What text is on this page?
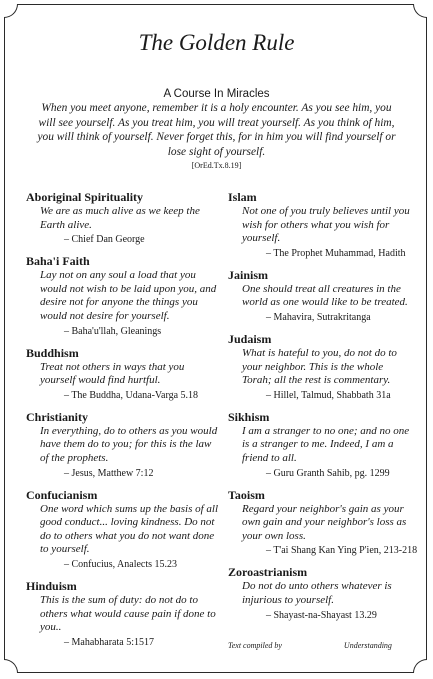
The Golden Rule
A Course In Miracles
When you meet anyone, remember it is a holy encounter. As you see him, you will see yourself. As you treat him, you will treat yourself. As you think of him, you will think of yourself. Never forget this, for in him you will find yourself or lose sight of yourself.
[OrEd.Tx.8.19]
Aboriginal Spirituality
We are as much alive as we keep the Earth alive.
– Chief Dan George
Baha'i Faith
Lay not on any soul a load that you would not wish to be laid upon you, and desire not for anyone the things you would not desire for yourself.
– Baha'u'llah, Gleanings
Buddhism
Treat not others in ways that you yourself would find hurtful.
– The Buddha, Udana-Varga 5.18
Christianity
In everything, do to others as you would have them do to you; for this is the law of the prophets.
– Jesus, Matthew 7:12
Confucianism
One word which sums up the basis of all good conduct... loving kindness. Do not do to others what you do not want done to yourself.
– Confucius, Analects 15.23
Hinduism
This is the sum of duty: do not do to others what would cause pain if done to you..
– Mahabharata 5:1517
Islam
Not one of you truly believes until you wish for others what you wish for yourself.
– The Prophet Muhammad, Hadith
Jainism
One should treat all creatures in the world as one would like to be treated.
– Mahavira, Sutrakritanga
Judaism
What is hateful to you, do not do to your neighbor. This is the whole Torah; all the rest is commentary.
– Hillel, Talmud, Shabbath 31a
Sikhism
I am a stranger to no one; and no one is a stranger to me. Indeed, I am a friend to all.
– Guru Granth Sahib, pg. 1299
Taoism
Regard your neighbor's gain as your own gain and your neighbor's loss as your own loss.
– T'ai Shang Kan Ying P'ien, 213-218
Zoroastrianism
Do not do unto others whatever is injurious to yourself.
– Shayast-na-Shayast 13.29
Text compiled by	Understanding
